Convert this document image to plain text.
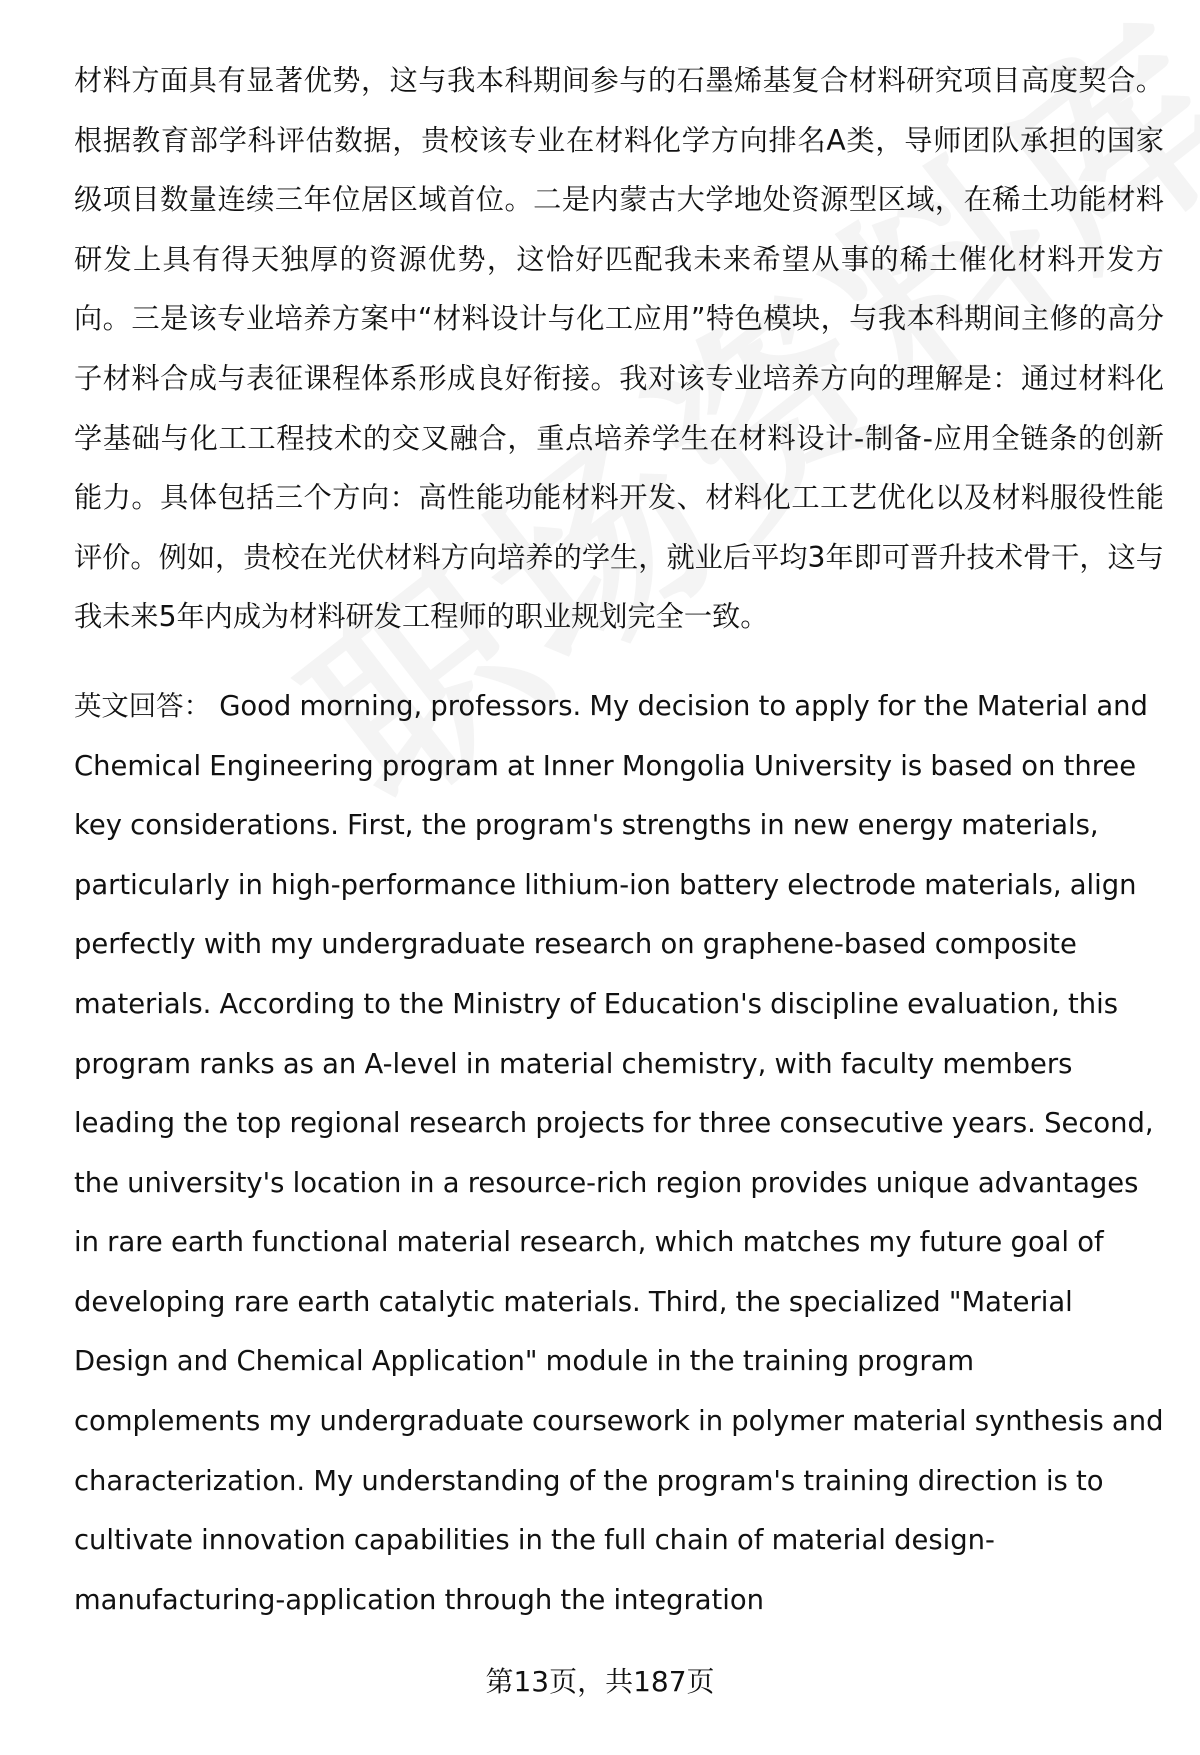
材料方面具有显著优势，这与我本科期间参与的石墨烯基复合材料研究项目高度契合。根据教育部学科评估数据，贵校该专业在材料化学方向排名A类，导师团队承担的国家级项目数量连续三年位居区域首位。二是内蒙古大学地处资源型区域，在稀土功能材料研发上具有得天独厚的资源优势，这恰好匹配我未来希望从事的稀土催化材料开发方向。三是该专业培养方案中“材料设计与化工应用”特色模块，与我本科期间主修的高分子材料合成与表征课程体系形成良好衔接。我对该专业培养方向的理解是：通过材料化学基础与化工工程技术的交叉融合，重点培养学生在材料设计-制备-应用全链条的创新能力。具体包括三个方向：高性能功能材料开发、材料化工工艺优化以及材料服役性能评价。例如，贵校在光伏材料方向培养的学生，就业后平均3年即可晋升技术骨干，这与我未来5年内成为材料研发工程师的职业规划完全一致。

英文回答： Good morning, professors. My decision to apply for the Material and Chemical Engineering program at Inner Mongolia University is based on three key considerations. First, the program's strengths in new energy materials, particularly in high-performance lithium-ion battery electrode materials, align perfectly with my undergraduate research on graphene-based composite materials. According to the Ministry of Education's discipline evaluation, this program ranks as an A-level in material chemistry, with faculty members leading the top regional research projects for three consecutive years. Second, the university's location in a resource-rich region provides unique advantages in rare earth functional material research, which matches my future goal of developing rare earth catalytic materials. Third, the specialized "Material Design and Chemical Application" module in the training program complements my undergraduate coursework in polymer material synthesis and characterization. My understanding of the program's training direction is to cultivate innovation capabilities in the full chain of material design-manufacturing-application through the integration

第13页，共187页
